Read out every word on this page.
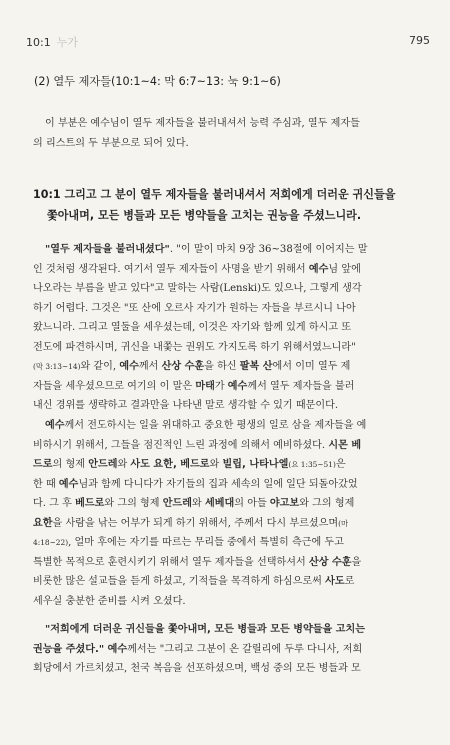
10:1 누가	795
(2) 열두 제자들(10:1~4: 막 6:7~13: 눅 9:1~6)
이 부분은 예수님이 열두 제자들을 불러내셔서 능력 주심과, 열두 제자들
의 리스트의 두 부분으로 되어 있다.
10:1 그리고 그 분이 열두 제자들을 불러내셔서 저희에게 더러운 귀신들을
쫓아내며, 모든 병들과 모든 병약들을 고치는 권능을 주셨느니라.
"열두 제자들을 불러내셨다". "이 말이 마치 9장 36~38절에 이어지는 말
인 것처럼 생각된다. 여기서 열두 제자들이 사명을 받기 위해서 예수님 앞에
나오라는 부름을 받고 있다"고 말하는 사람(Lenski)도 있으나, 그렇게 생각
하기 어렵다. 그것은 "또 산에 오르사 자기가 원하는 자들을 부르시니 나아
왔느니라. 그리고 열둘을 세우셨는데, 이것은 자기와 함께 있게 하시고 또
전도에 파견하시며, 귀신을 내쫓는 권위도 가지도록 하기 위해서였느니라"
(막 3:13~14)와 같이, 예수께서 산상 수훈을 하신 팔복 산에서 이미 열두 제
자들을 세우셨으므로 여기의 이 말은 마태가 예수께서 열두 제자들을 불러
내신 경위를 생략하고 결과만을 나타낸 말로 생각할 수 있기 때문이다.
예수께서 전도하시는 일을 위대하고 중요한 평생의 일로 삼을 제자들을 예
비하시기 위해서, 그들을 점진적인 느린 과정에 의해서 예비하셨다. 시몬 베
드로의 형제 안드레와 사도 요한, 베드로와 빌립, 나타나엘(요 1:35~51)은
한 때 예수님과 함께 다니다가 자기들의 집과 세속의 일에 일단 되돌아갔었
다. 그 후 베드로와 그의 형제 안드레와 세베대의 아들 야고보와 그의 형제
요한을 사람을 낚는 어부가 되게 하기 위해서, 주께서 다시 부르셨으며(마
4:18~22), 얼마 후에는 자기를 따르는 무리들 중에서 특별히 측근에 두고
특별한 목적으로 훈련시키기 위해서 열두 제자들을 선택하셔서 산상 수훈을
비롯한 많은 설교들을 듣게 하셨고, 기적들을 목격하게 하심으로써 사도로
세우실 충분한 준비를 시켜 오셨다.
"저희에게 더러운 귀신들을 쫓아내며, 모든 병들과 모든 병약들을 고치는
권능을 주셨다." 예수께서는 "그리고 그분이 온 갈릴리에 두루 다니사, 저희
회당에서 가르치셨고, 천국 복음을 선포하셨으며, 백성 중의 모든 병들과 모
